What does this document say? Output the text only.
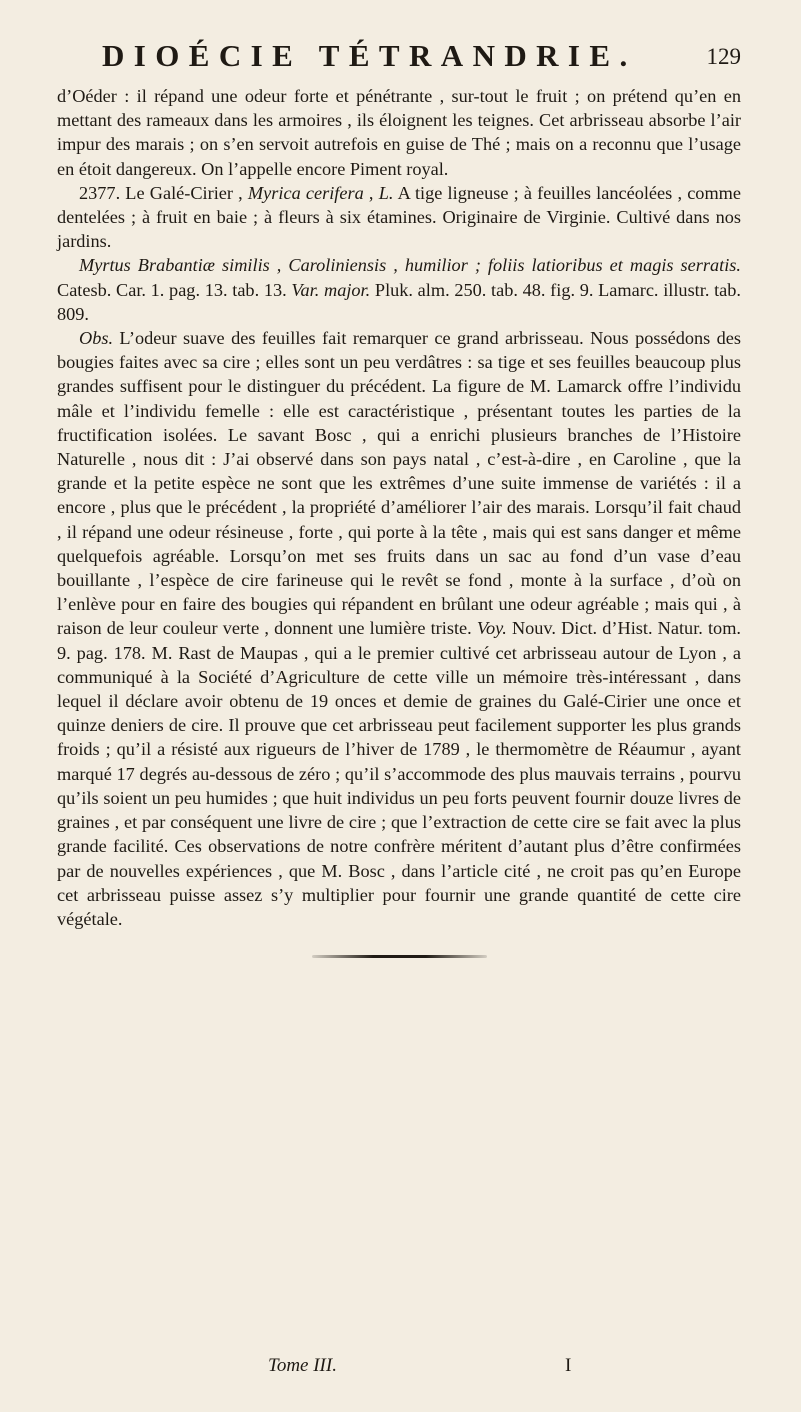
DIOÉCIE TÉTRANDRIE.	129

d’Oéder : il répand une odeur forte et pénétrante , sur-tout le fruit ; on prétend qu’en en mettant des rameaux dans les armoires , ils éloignent les teignes. Cet arbrisseau absorbe l’air impur des marais ; on s’en servoit autrefois en guise de Thé ; mais on a reconnu que l’usage en étoit dangereux. On l’appelle encore Piment royal.

2377. Le Galé-Cirier , Myrica cerifera , L. A tige ligneuse ; à feuilles lancéolées , comme dentelées ; à fruit en baie ; à fleurs à six étamines. Originaire de Virginie. Cultivé dans nos jardins.

Myrtus Brabantiæ similis , Caroliniensis , humilior ; foliis latioribus et magis serratis. Catesb. Car. 1. pag. 13. tab. 13. Var. major. Pluk. alm. 250. tab. 48. fig. 9. Lamarc. illustr. tab. 809.

Obs. L’odeur suave des feuilles fait remarquer ce grand arbrisseau. Nous possédons des bougies faites avec sa cire ; elles sont un peu verdâtres : sa tige et ses feuilles beaucoup plus grandes suffisent pour le distinguer du précédent. La figure de M. Lamarck offre l’individu mâle et l’individu femelle : elle est caractéristique , présentant toutes les parties de la fructification isolées. Le savant Bosc , qui a enrichi plusieurs branches de l’Histoire Naturelle , nous dit : J’ai observé dans son pays natal , c’est-à-dire , en Caroline , que la grande et la petite espèce ne sont que les extrêmes d’une suite immense de variétés : il a encore , plus que le précédent , la propriété d’améliorer l’air des marais. Lorsqu’il fait chaud , il répand une odeur résineuse , forte , qui porte à la tête , mais qui est sans danger et même quelquefois agréable. Lorsqu’on met ses fruits dans un sac au fond d’un vase d’eau bouillante , l’espèce de cire farineuse qui le revêt se fond , monte à la surface , d’où on l’enlève pour en faire des bougies qui répandent en brûlant une odeur agréable ; mais qui , à raison de leur couleur verte , donnent une lumière triste. Voy. Nouv. Dict. d’Hist. Natur. tom. 9. pag. 178. M. Rast de Maupas , qui a le premier cultivé cet arbrisseau autour de Lyon , a communiqué à la Société d’Agriculture de cette ville un mémoire très-intéressant , dans lequel il déclare avoir obtenu de 19 onces et demie de graines du Galé-Cirier une once et quinze deniers de cire. Il prouve que cet arbrisseau peut facilement supporter les plus grands froids ; qu’il a résisté aux rigueurs de l’hiver de 1789 , le thermomètre de Réaumur , ayant marqué 17 degrés au-dessous de zéro ; qu’il s’accommode des plus mauvais terrains , pourvu qu’ils soient un peu humides ; que huit individus un peu forts peuvent fournir douze livres de graines , et par conséquent une livre de cire ; que l’extraction de cette cire se fait avec la plus grande facilité. Ces observations de notre confrère méritent d’autant plus d’être confirmées par de nouvelles expériences , que M. Bosc , dans l’article cité , ne croit pas qu’en Europe cet arbrisseau puisse assez s’y multiplier pour fournir une grande quantité de cette cire végétale.

Tome III.	I
